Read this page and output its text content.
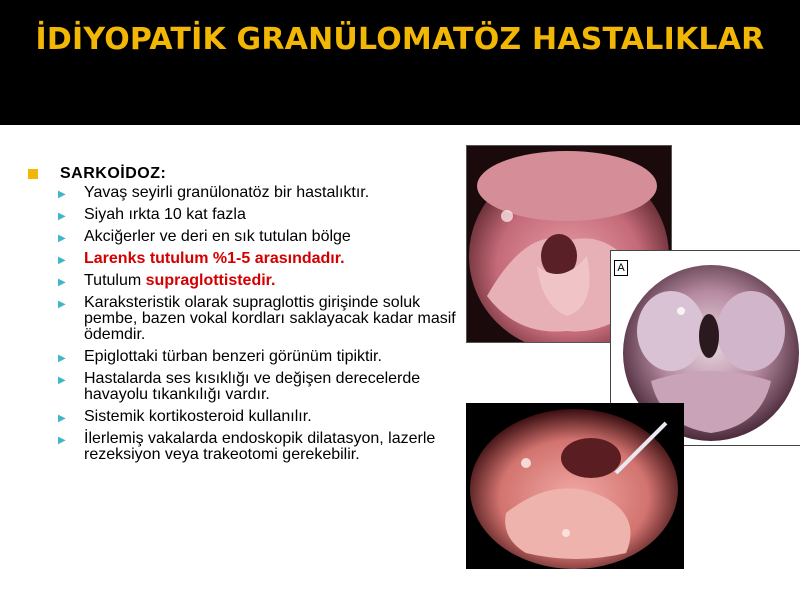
İDİYOPATİK GRANÜLOMATÖZ HASTALIKLAR
SARKOİDOZ:
▶ Yavaş seyirli granülonatöz bir hastalıktır.
▶ Siyah ırkta 10 kat fazla
▶ Akciğerler ve deri en sık tutulan bölge
▶ Larenks tutulum %1-5 arasındadır.
▶ Tutulum supraglottistedir.
▶ Karaksteristik olarak supraglottis girişinde soluk pembe, bazen vokal kordları saklayacak kadar masif ödemdir.
▶ Epiglottaki türban benzeri görünüm tipiktir.
▶ Hastalarda ses kısıklığı ve değişen derecelerde havayolu tıkankılığı vardır.
▶ Sistemik kortikosteroid kullanılır.
▶ İlerlemiş vakalarda endoskopik dilatasyon, lazerle rezeksiyon veya trakeotomi gerekebilir.
A
